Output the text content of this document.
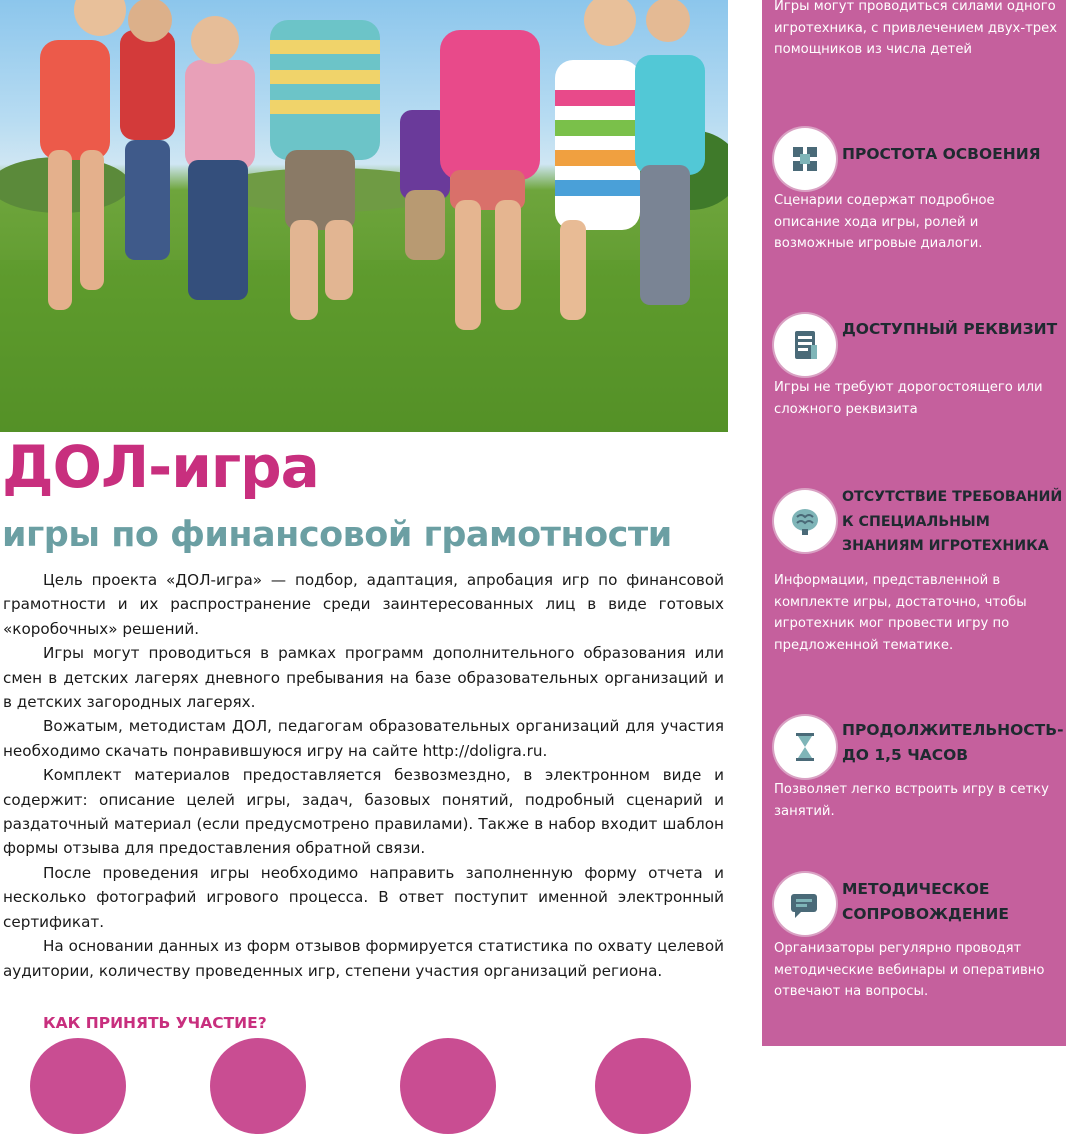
ДОЛ-игра
игры по финансовой грамотности

Цель проекта «ДОЛ-игра» — подбор, адаптация, апробация игр по финансовой грамотности и их распространение среди заинтересованных лиц в виде готовых «коробочных» решений.

Игры могут проводиться в рамках программ дополнительного образования или смен в детских лагерях дневного пребывания на базе образовательных организаций и в детских загородных лагерях.

Вожатым, методистам ДОЛ, педагогам образовательных организаций для участия необходимо скачать понравившуюся игру на сайте http://doligra.ru.

Комплект материалов предоставляется безвозмездно, в электронном виде и содержит: описание целей игры, задач, базовых понятий, подробный сценарий и раздаточный материал (если предусмотрено правилами). Также в набор входит шаблон формы отзыва для предоставления обратной связи.

После проведения игры необходимо направить заполненную форму отчета и несколько фотографий игрового процесса. В ответ поступит именной электронный сертификат.

На основании данных из форм отзывов формируется статистика по охвату целевой аудитории, количеству проведенных игр, степени участия организаций региона.

КАК ПРИНЯТЬ УЧАСТИЕ?
Игры могут проводиться силами одного игротехника, с привлечением двух-трех помощников из числа детей
ПРОСТОТА ОСВОЕНИЯ
Сценарии содержат подробное описание хода игры, ролей и возможные игровые диалоги.
ДОСТУПНЫЙ РЕКВИЗИТ
Игры не требуют дорогостоящего или сложного реквизита
ОТСУТСТВИЕ ТРЕБОВАНИЙ К СПЕЦИАЛЬНЫМ ЗНАНИЯМ ИГРОТЕХНИКА
Информации, представленной в комплекте игры, достаточно, чтобы игротехник мог провести игру по предложенной тематике.
ПРОДОЛЖИТЕЛЬНОСТЬ- ДО 1,5 ЧАСОВ
Позволяет легко встроить игру в сетку занятий.
МЕТОДИЧЕСКОЕ СОПРОВОЖДЕНИЕ
Организаторы регулярно проводят методические вебинары и оперативно отвечают на вопросы.
